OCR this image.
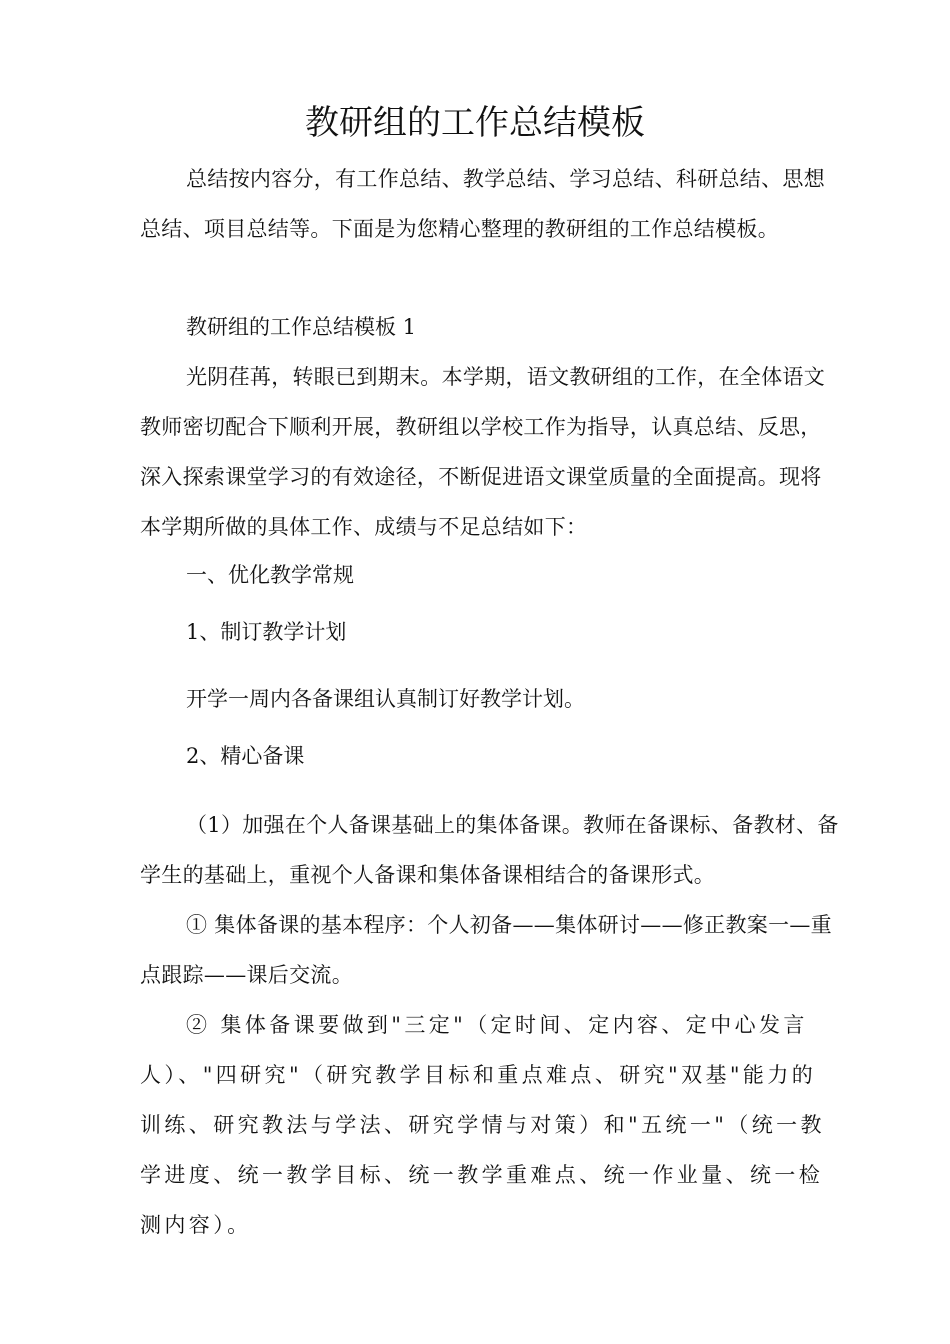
教研组的工作总结模板

总结按内容分，有工作总结、教学总结、学习总结、科研总结、思想总结、项目总结等。下面是为您精心整理的教研组的工作总结模板。

教研组的工作总结模板 1

光阴荏苒，转眼已到期末。本学期，语文教研组的工作，在全体语文教师密切配合下顺利开展，教研组以学校工作为指导，认真总结、反思，深入探索课堂学习的有效途径，不断促进语文课堂质量的全面提高。现将本学期所做的具体工作、成绩与不足总结如下：

一、优化教学常规

1、制订教学计划

开学一周内各备课组认真制订好教学计划。

2、精心备课

（1）加强在个人备课基础上的集体备课。教师在备课标、备教材、备学生的基础上，重视个人备课和集体备课相结合的备课形式。

① 集体备课的基本程序：个人初备——集体研讨——修正教案一—重点跟踪——课后交流。

② 集体备课要做到"三定"（定时间、定内容、定中心发言人）、"四研究"（研究教学目标和重点难点、研究"双基"能力的训练、研究教法与学法、研究学情与对策）和"五统一"（统一教学进度、统一教学目标、统一教学重难点、统一作业量、统一检测内容）。
